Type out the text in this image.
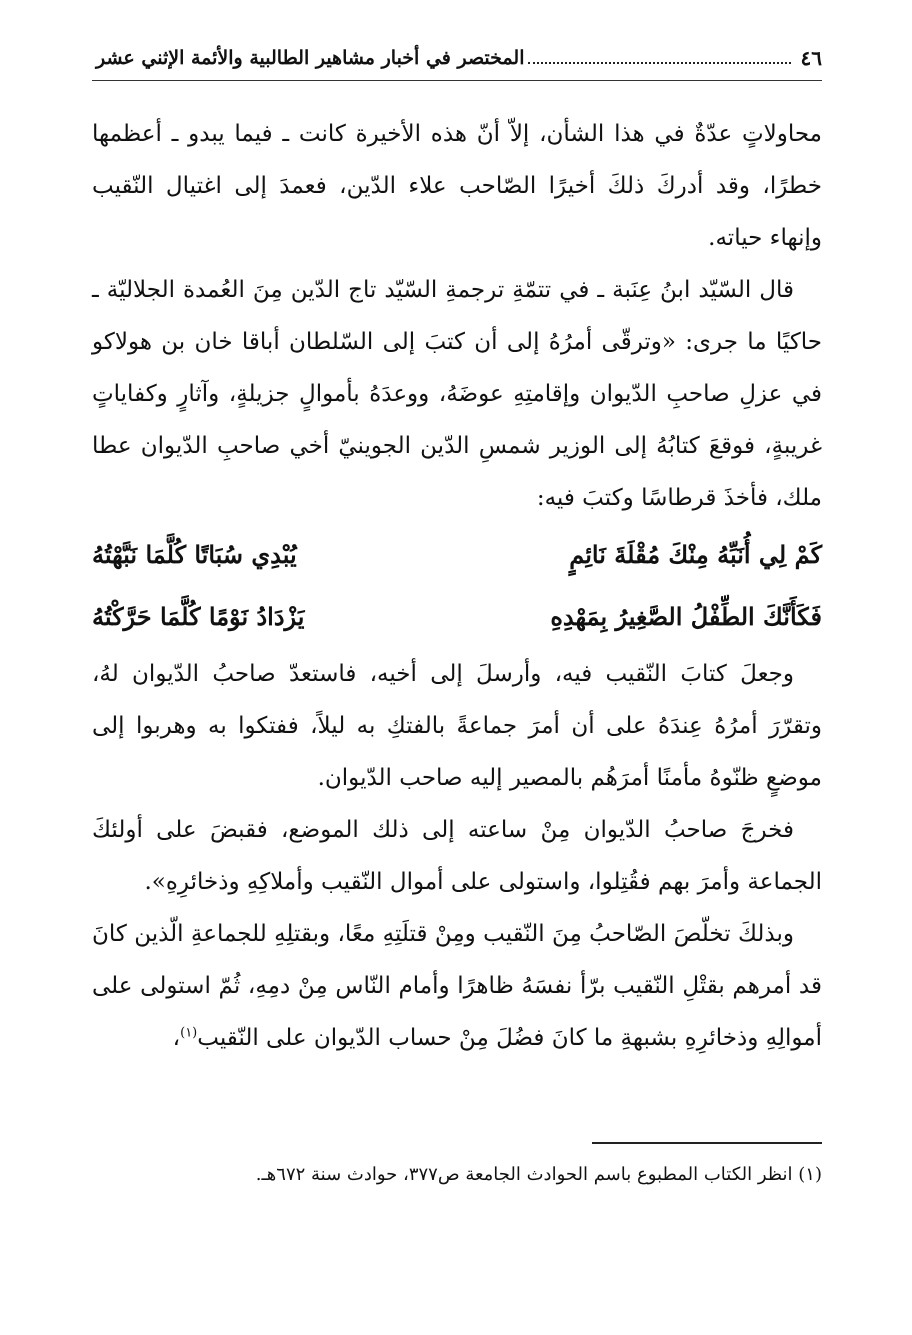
٤٦
المختصر في أخبار مشاهير الطالبية والأئمة الإثني عشر

محاولاتٍ عدّةٌ في هذا الشأن، إلاّ أنّ هذه الأخيرة كانت ـ فيما يبدو ـ أعظمها خطرًا، وقد أدركَ ذلكَ أخيرًا الصّاحب علاء الدّين، فعمدَ إلى اغتيال النّقيب وإنهاء حياته.

قال السّيّد ابنُ عِنَبة ـ في تتمّةِ ترجمةِ السّيّد تاج الدّين مِنَ العُمدة الجلاليّة ـ حاكيًا ما جرى: «وترقّى أمرُهُ إلى أن كتبَ إلى السّلطان أباقا خان بن هولاكو في عزلِ صاحبِ الدّيوان وإقامتِهِ عوضَهُ، ووعدَهُ بأموالٍ جزيلةٍ، وآثارٍ وكفاياتٍ غريبةٍ، فوقعَ كتابُهُ إلى الوزير شمسِ الدّين الجوينيّ أخي صاحبِ الدّيوان عطا ملك، فأخذَ قرطاسًا وكتبَ فيه:

كَمْ لِي أُنَبِّهُ مِنْكَ مُقْلَةَ نَائِمٍ
يُبْدِي سُبَاتًا كُلَّمَا نَبَّهْتُهُ
فَكَأَنَّكَ الطِّفْلُ الصَّغِيرُ بِمَهْدِهِ
يَزْدَادُ نَوْمًا كُلَّمَا حَرَّكْتُهُ

وجعلَ كتابَ النّقيب فيه، وأرسلَ إلى أخيه، فاستعدّ صاحبُ الدّيوان لهُ، وتقرّرَ أمرُهُ عِندَهُ على أن أمرَ جماعةً بالفتكِ به ليلاً، ففتكوا به وهربوا إلى موضعٍ ظنّوهُ مأمنًا أمرَهُم بالمصير إليه صاحب الدّيوان.

فخرجَ صاحبُ الدّيوان مِنْ ساعته إلى ذلك الموضع، فقبضَ على أولئكَ الجماعة وأمرَ بهم فقُتِلوا، واستولى على أموال النّقيب وأملاكِهِ وذخائرِهِ».

وبذلكَ تخلّصَ الصّاحبُ مِنَ النّقيب ومِنْ قتلَتِهِ معًا، وبقتلِهِ للجماعةِ الّذين كانَ قد أمرهم بقتْلِ النّقيب برّأ نفسَهُ ظاهرًا وأمام النّاس مِنْ دمِهِ، ثُمّ استولى على أموالِهِ وذخائرِهِ بشبهةِ ما كانَ فضُلَ مِنْ حساب الدّيوان على النّقيب$^{(١)}$،

(١) انظر الكتاب المطبوع باسم الحوادث الجامعة ص٣٧٧، حوادث سنة ٦٧٢هـ.
